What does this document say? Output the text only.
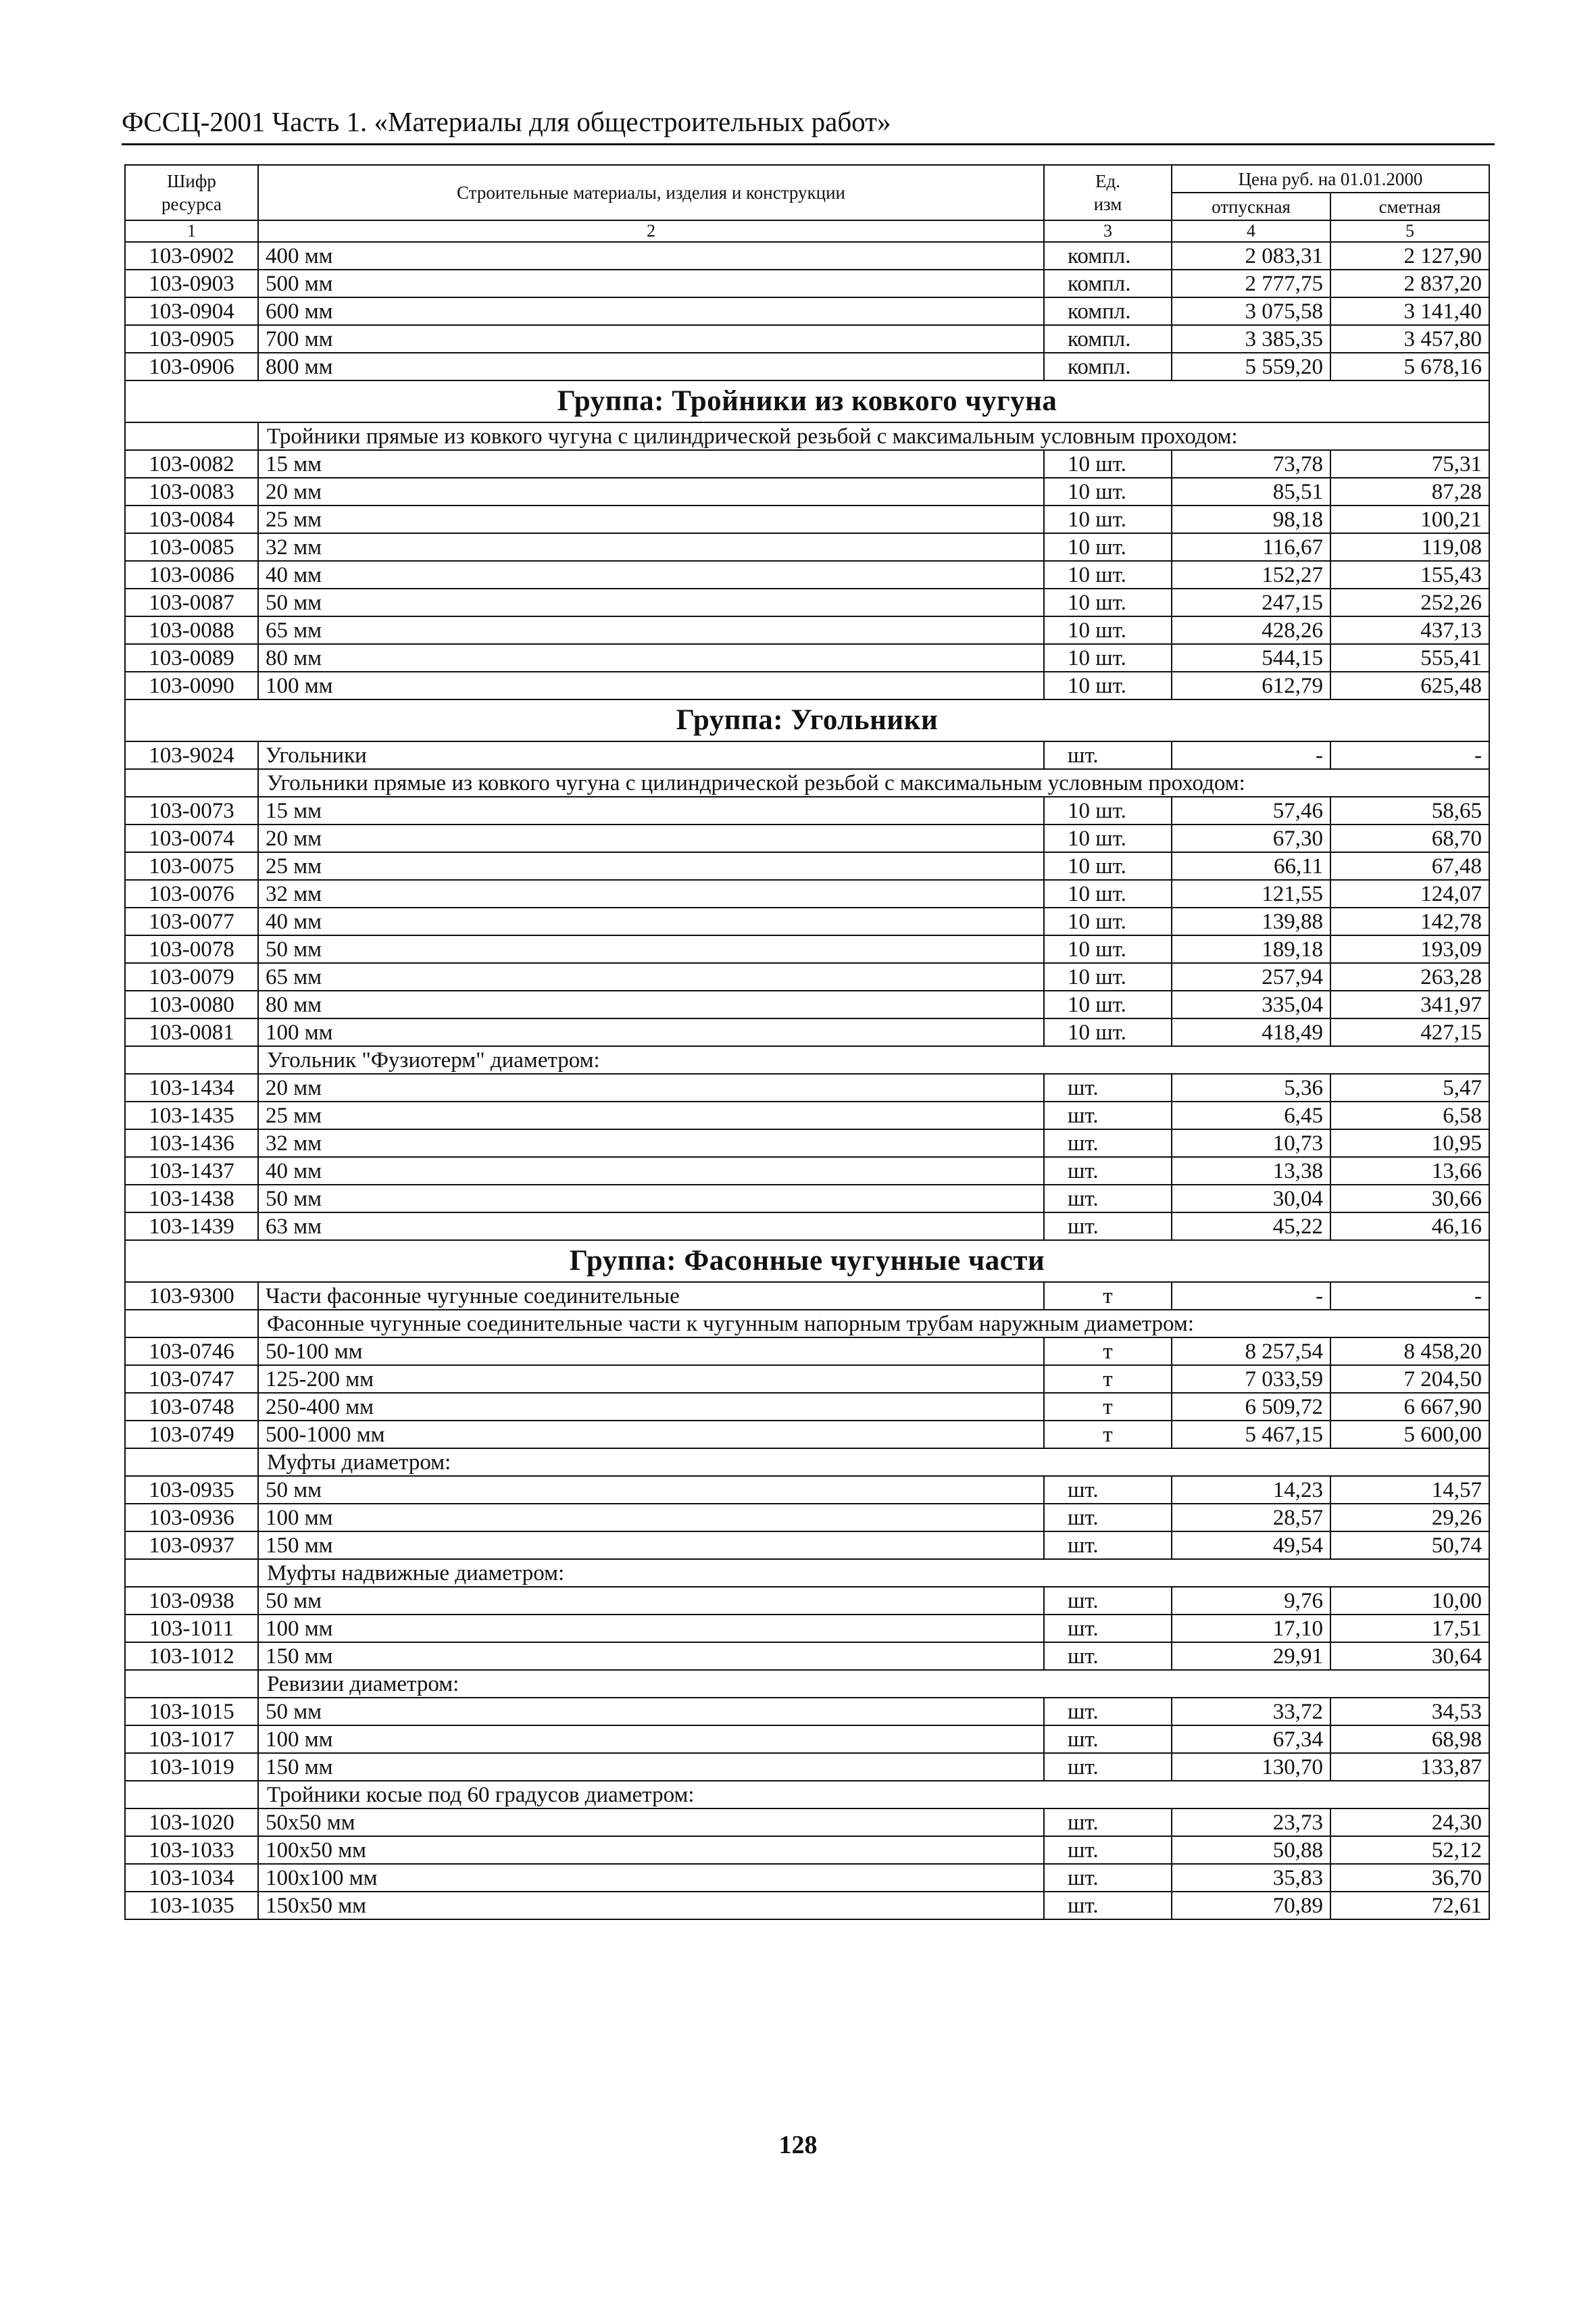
ФССЦ-2001 Часть 1. «Материалы для общестроительных работ»
Шифр
ресурса	Строительные материалы, изделия и конструкции	Ед.
изм	Цена руб. на 01.01.2000	
			отпускная	сметная
1	2	3	4	5
103-0902	400 мм	компл.	2 083,31	2 127,90
103-0903	500 мм	компл.	2 777,75	2 837,20
103-0904	600 мм	компл.	3 075,58	3 141,40
103-0905	700 мм	компл.	3 385,35	3 457,80
103-0906	800 мм	компл.	5 559,20	5 678,16
Группа: Тройники из ковкого чугуна				
	Тройники прямые из ковкого чугуна с цилиндрической резьбой с максимальным условным проходом:			
103-0082	15 мм	10 шт.	73,78	75,31
103-0083	20 мм	10 шт.	85,51	87,28
103-0084	25 мм	10 шт.	98,18	100,21
103-0085	32 мм	10 шт.	116,67	119,08
103-0086	40 мм	10 шт.	152,27	155,43
103-0087	50 мм	10 шт.	247,15	252,26
103-0088	65 мм	10 шт.	428,26	437,13
103-0089	80 мм	10 шт.	544,15	555,41
103-0090	100 мм	10 шт.	612,79	625,48
Группа: Угольники				
103-9024	Угольники	шт.	-	-
	Угольники прямые из ковкого чугуна с цилиндрической резьбой с максимальным условным проходом:			
103-0073	15 мм	10 шт.	57,46	58,65
103-0074	20 мм	10 шт.	67,30	68,70
103-0075	25 мм	10 шт.	66,11	67,48
103-0076	32 мм	10 шт.	121,55	124,07
103-0077	40 мм	10 шт.	139,88	142,78
103-0078	50 мм	10 шт.	189,18	193,09
103-0079	65 мм	10 шт.	257,94	263,28
103-0080	80 мм	10 шт.	335,04	341,97
103-0081	100 мм	10 шт.	418,49	427,15
	Угольник "Фузиотерм" диаметром:			
103-1434	20 мм	шт.	5,36	5,47
103-1435	25 мм	шт.	6,45	6,58
103-1436	32 мм	шт.	10,73	10,95
103-1437	40 мм	шт.	13,38	13,66
103-1438	50 мм	шт.	30,04	30,66
103-1439	63 мм	шт.	45,22	46,16
Группа: Фасонные чугунные части				
103-9300	Части фасонные чугунные соединительные	т	-	-
	Фасонные чугунные соединительные части к чугунным напорным трубам наружным диаметром:			
103-0746	50-100 мм	т	8 257,54	8 458,20
103-0747	125-200 мм	т	7 033,59	7 204,50
103-0748	250-400 мм	т	6 509,72	6 667,90
103-0749	500-1000 мм	т	5 467,15	5 600,00
	Муфты диаметром:			
103-0935	50 мм	шт.	14,23	14,57
103-0936	100 мм	шт.	28,57	29,26
103-0937	150 мм	шт.	49,54	50,74
	Муфты надвижные диаметром:			
103-0938	50 мм	шт.	9,76	10,00
103-1011	100 мм	шт.	17,10	17,51
103-1012	150 мм	шт.	29,91	30,64
	Ревизии диаметром:			
103-1015	50 мм	шт.	33,72	34,53
103-1017	100 мм	шт.	67,34	68,98
103-1019	150 мм	шт.	130,70	133,87
	Тройники косые под 60 градусов диаметром:			
103-1020	50x50 мм	шт.	23,73	24,30
103-1033	100x50 мм	шт.	50,88	52,12
103-1034	100x100 мм	шт.	35,83	36,70
103-1035	150x50 мм	шт.	70,89	72,61
128
